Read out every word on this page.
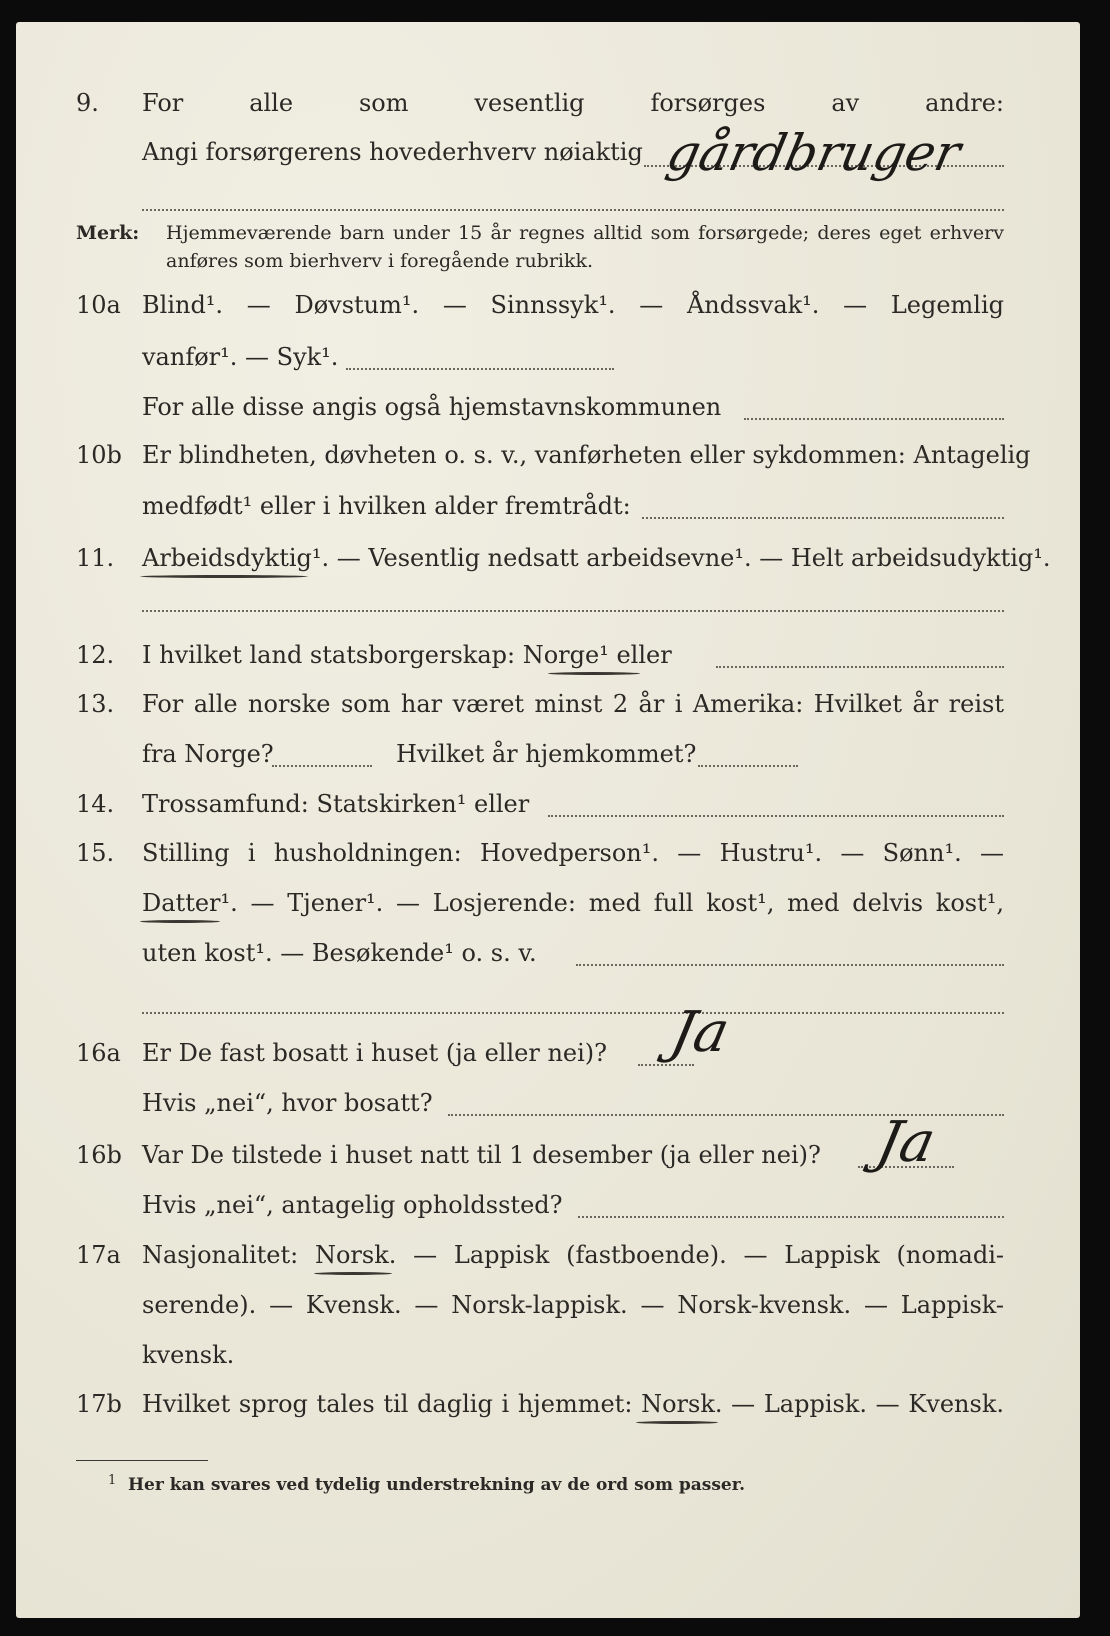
9. For alle som vesentlig forsørges av andre:
Angi forsørgerens hovederhverv nøiaktig gårdbruger
Merk: Hjemmeværende barn under 15 år regnes alltid som forsørgede; deres eget erhverv
anføres som bierhverv i foregående rubrikk.
10a Blind¹. — Døvstum¹. — Sinnssyk¹. — Åndssvak¹. — Legemlig
vanfør¹. — Syk¹.
For alle disse angis også hjemstavnskommunen
10b Er blindheten, døvheten o. s. v., vanførheten eller sykdommen: Antagelig
medfødt¹ eller i hvilken alder fremtrådt:
11. Arbeidsdyktig¹. — Vesentlig nedsatt arbeidsevne¹. — Helt arbeidsudyktig¹.
12. I hvilket land statsborgerskap: Norge¹ eller
13. For alle norske som har været minst 2 år i Amerika: Hvilket år reist
fra Norge?	Hvilket år hjemkommet?
14. Trossamfund: Statskirken¹ eller
15. Stilling i husholdningen: Hovedperson¹. — Hustru¹. — Sønn¹. —
Datter¹. — Tjener¹. — Losjerende: med full kost¹, med delvis kost¹,
uten kost¹. — Besøkende¹ o. s. v.
16a Er De fast bosatt i huset (ja eller nei)?
Hvis „nei“, hvor bosatt?
Ja
16b Var De tilstede i huset natt til 1 desember (ja eller nei)?
Hvis „nei“, antagelig opholdssted?
Ja
17a Nasjonalitet: Norsk. — Lappisk (fastboende). — Lappisk (nomadi-
serende). — Kvensk. — Norsk-lappisk. — Norsk-kvensk. — Lappisk-
kvensk.
17b Hvilket sprog tales til daglig i hjemmet: Norsk. — Lappisk. — Kvensk.
1 Her kan svares ved tydelig understrekning av de ord som passer.
